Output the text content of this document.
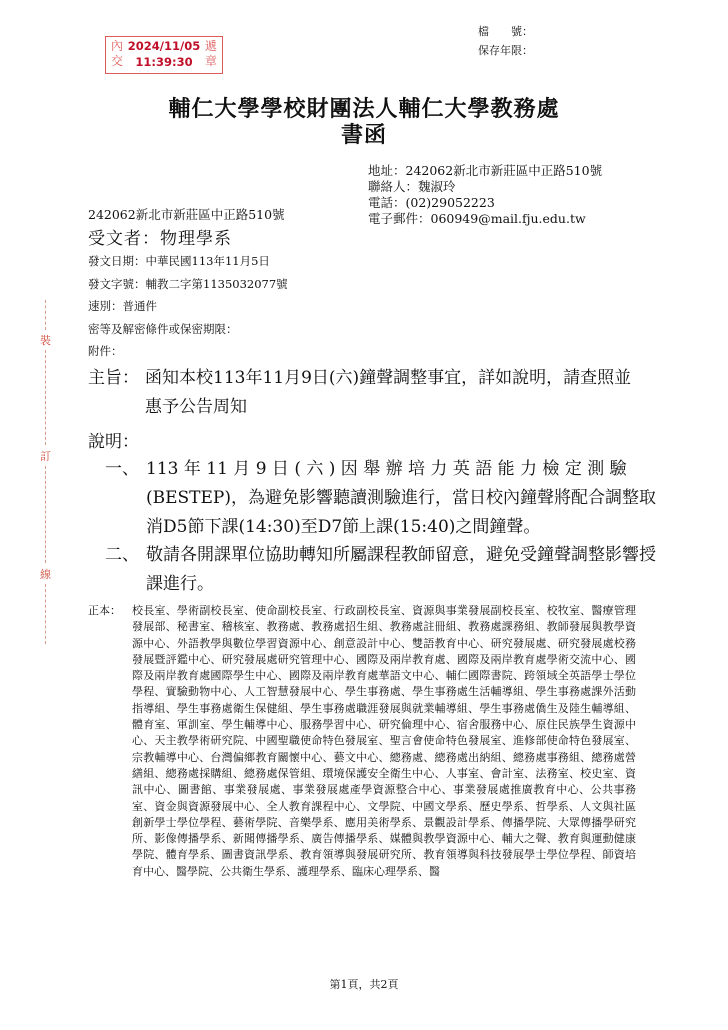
檔　　號：
保存年限：
內
交
2024/11/05
11:39:30
遞
章
輔仁大學學校財團法人輔仁大學教務處
書函
地址：242062新北市新莊區中正路510號
聯絡人：魏淑玲
電話：(02)29052223
電子郵件：060949@mail.fju.edu.tw
242062新北市新莊區中正路510號
受文者：物理學系
發文日期：中華民國113年11月5日
發文字號：輔教二字第1135032077號
速別：普通件
密等及解密條件或保密期限：
附件：
裝
訂
線
主旨： 函知本校113年11月9日(六)鐘聲調整事宜，詳如說明，請查照並惠予公告周知
說明：
一、 113 年 11 月 9 日 ( 六 ) 因 舉 辦 培 力 英 語 能 力 檢 定 測 驗 (BESTEP)，為避免影響聽讀測驗進行，當日校內鐘聲將配合調整取消D5節下課(14:30)至D7節上課(15:40)之間鐘聲。
二、 敬請各開課單位協助轉知所屬課程教師留意，避免受鐘聲調整影響授課進行。
正本： 校長室、學術副校長室、使命副校長室、行政副校長室、資源與事業發展副校長室、校牧室、醫療管理發展部、秘書室、稽核室、教務處、教務處招生組、教務處註冊組、教務處課務組、教師發展與教學資源中心、外語教學與數位學習資源中心、創意設計中心、雙語教育中心、研究發展處、研究發展處校務發展暨評鑑中心、研究發展處研究管理中心、國際及兩岸教育處、國際及兩岸教育處學術交流中心、國際及兩岸教育處國際學生中心、國際及兩岸教育處華語文中心、輔仁國際書院、跨領域全英語學士學位學程、實驗動物中心、人工智慧發展中心、學生事務處、學生事務處生活輔導組、學生事務處課外活動指導組、學生事務處衛生保健組、學生事務處職涯發展與就業輔導組、學生事務處僑生及陸生輔導組、體育室、軍訓室、學生輔導中心、服務學習中心、研究倫理中心、宿舍服務中心、原住民族學生資源中心、天主教學術研究院、中國聖職使命特色發展室、聖言會使命特色發展室、進修部使命特色發展室、宗教輔導中心、台灣偏鄉教育關懷中心、藝文中心、總務處、總務處出納組、總務處事務組、總務處營繕組、總務處採購組、總務處保管組、環境保護安全衛生中心、人事室、會計室、法務室、校史室、資訊中心、圖書館、事業發展處、事業發展處產學資源整合中心、事業發展處推廣教育中心、公共事務室、資金與資源發展中心、全人教育課程中心、文學院、中國文學系、歷史學系、哲學系、人文與社區創新學士學位學程、藝術學院、音樂學系、應用美術學系、景觀設計學系、傳播學院、大眾傳播學研究所、影像傳播學系、新聞傳播學系、廣告傳播學系、媒體與教學資源中心、輔大之聲、教育與運動健康學院、體育學系、圖書資訊學系、教育領導與發展研究所、教育領導與科技發展學士學位學程、師資培育中心、醫學院、公共衛生學系、護理學系、臨床心理學系、醫
第1頁，共2頁
